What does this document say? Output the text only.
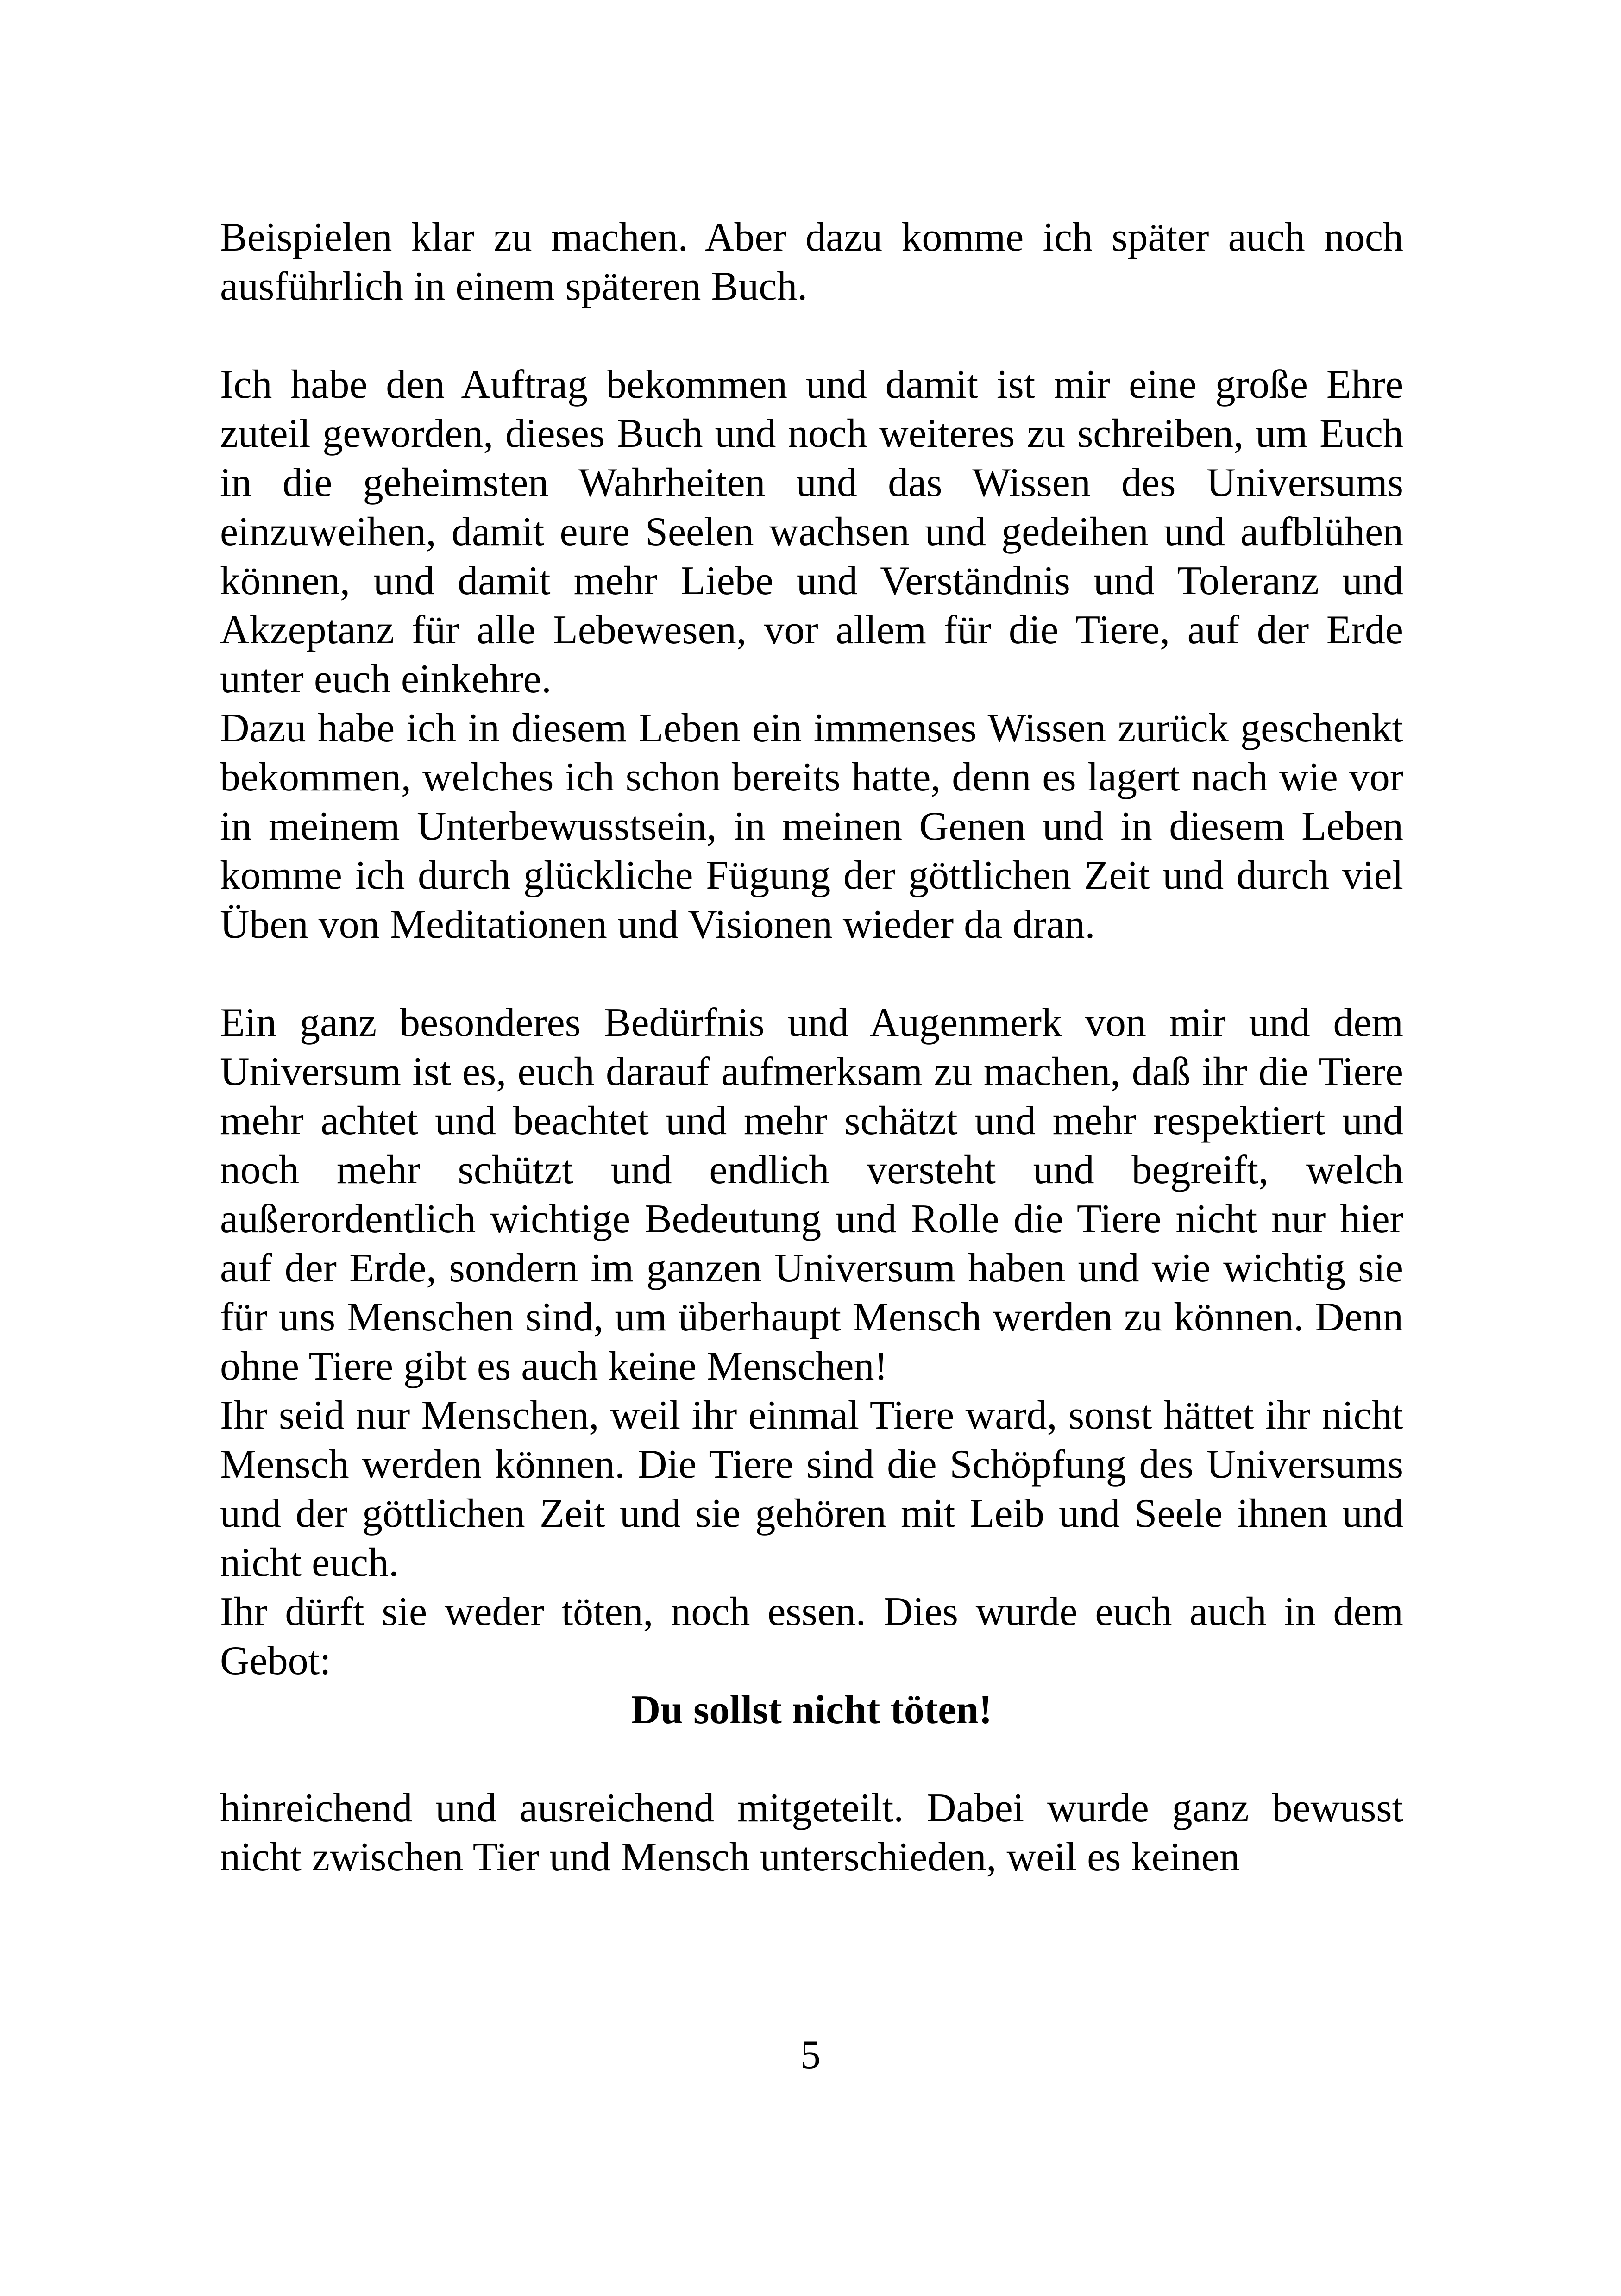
Beispielen klar zu machen. Aber dazu komme ich später auch noch ausführlich in einem späteren Buch.

Ich habe den Auftrag bekommen und damit ist mir eine große Ehre zuteil geworden, dieses Buch und noch weiteres zu schreiben, um Euch in die geheimsten Wahrheiten und das Wissen des Universums einzuweihen, damit eure Seelen wachsen und gedeihen und aufblühen können, und damit mehr Liebe und Verständnis und Toleranz und Akzeptanz für alle Lebewesen, vor allem für die Tiere, auf der Erde unter euch einkehre.

Dazu habe ich in diesem Leben ein immenses Wissen zurück geschenkt bekommen, welches ich schon bereits hatte, denn es lagert nach wie vor in meinem Unterbewusstsein, in meinen Genen und in diesem Leben komme ich durch glückliche Fügung der göttlichen Zeit und durch viel Üben von Meditationen und Visionen wieder da dran.

Ein ganz besonderes Bedürfnis und Augenmerk von mir und dem Universum ist es, euch darauf aufmerksam zu machen, daß ihr die Tiere mehr achtet und beachtet und mehr schätzt und mehr respektiert und noch mehr schützt und endlich versteht und begreift, welch außerordentlich wichtige Bedeutung und Rolle die Tiere nicht nur hier auf der Erde, sondern im ganzen Universum haben und wie wichtig sie für uns Menschen sind, um überhaupt Mensch werden zu können. Denn ohne Tiere gibt es auch keine Menschen!

Ihr seid nur Menschen, weil ihr einmal Tiere ward, sonst hättet ihr nicht Mensch werden können. Die Tiere sind die Schöpfung des Universums und der göttlichen Zeit und sie gehören mit Leib und Seele ihnen und nicht euch.

Ihr dürft sie weder töten, noch essen. Dies wurde euch auch in dem Gebot:

Du sollst nicht töten!

hinreichend und ausreichend mitgeteilt. Dabei wurde ganz bewusst nicht zwischen Tier und Mensch unterschieden, weil es keinen

5
